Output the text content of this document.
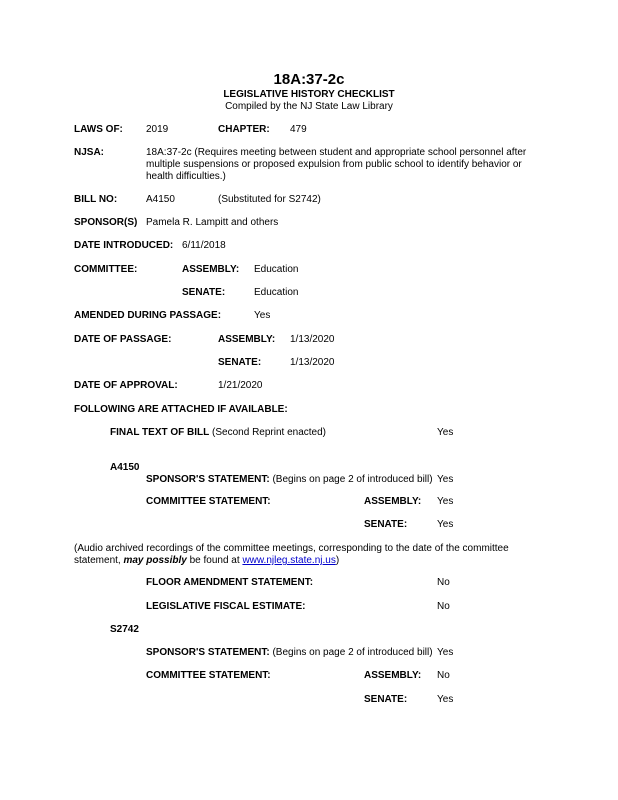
18A:37-2c
LEGISLATIVE HISTORY CHECKLIST
Compiled by the NJ State Law Library
LAWS OF: 2019	CHAPTER: 479
NJSA:	18A:37-2c (Requires meeting between student and appropriate school personnel after multiple suspensions or proposed expulsion from public school to identify behavior or health difficulties.)
BILL NO:	A4150	(Substituted for S2742)
SPONSOR(S) Pamela R. Lampitt and others
DATE INTRODUCED: 6/11/2018
COMMITTEE:	ASSEMBLY: Education
SENATE:	Education
AMENDED DURING PASSAGE:	Yes
DATE OF PASSAGE:	ASSEMBLY: 1/13/2020
SENATE:	1/13/2020
DATE OF APPROVAL:	1/21/2020
FOLLOWING ARE ATTACHED IF AVAILABLE:
FINAL TEXT OF BILL (Second Reprint enacted)	Yes
A4150
SPONSOR'S STATEMENT: (Begins on page 2 of introduced bill) Yes
COMMITTEE STATEMENT:	ASSEMBLY: Yes
SENATE:	Yes
(Audio archived recordings of the committee meetings, corresponding to the date of the committee
statement, may possibly be found at www.njleg.state.nj.us)
FLOOR AMENDMENT STATEMENT:	No
LEGISLATIVE FISCAL ESTIMATE:	No
S2742
SPONSOR'S STATEMENT: (Begins on page 2 of introduced bill) Yes
COMMITTEE STATEMENT:	ASSEMBLY: No
SENATE:	Yes
